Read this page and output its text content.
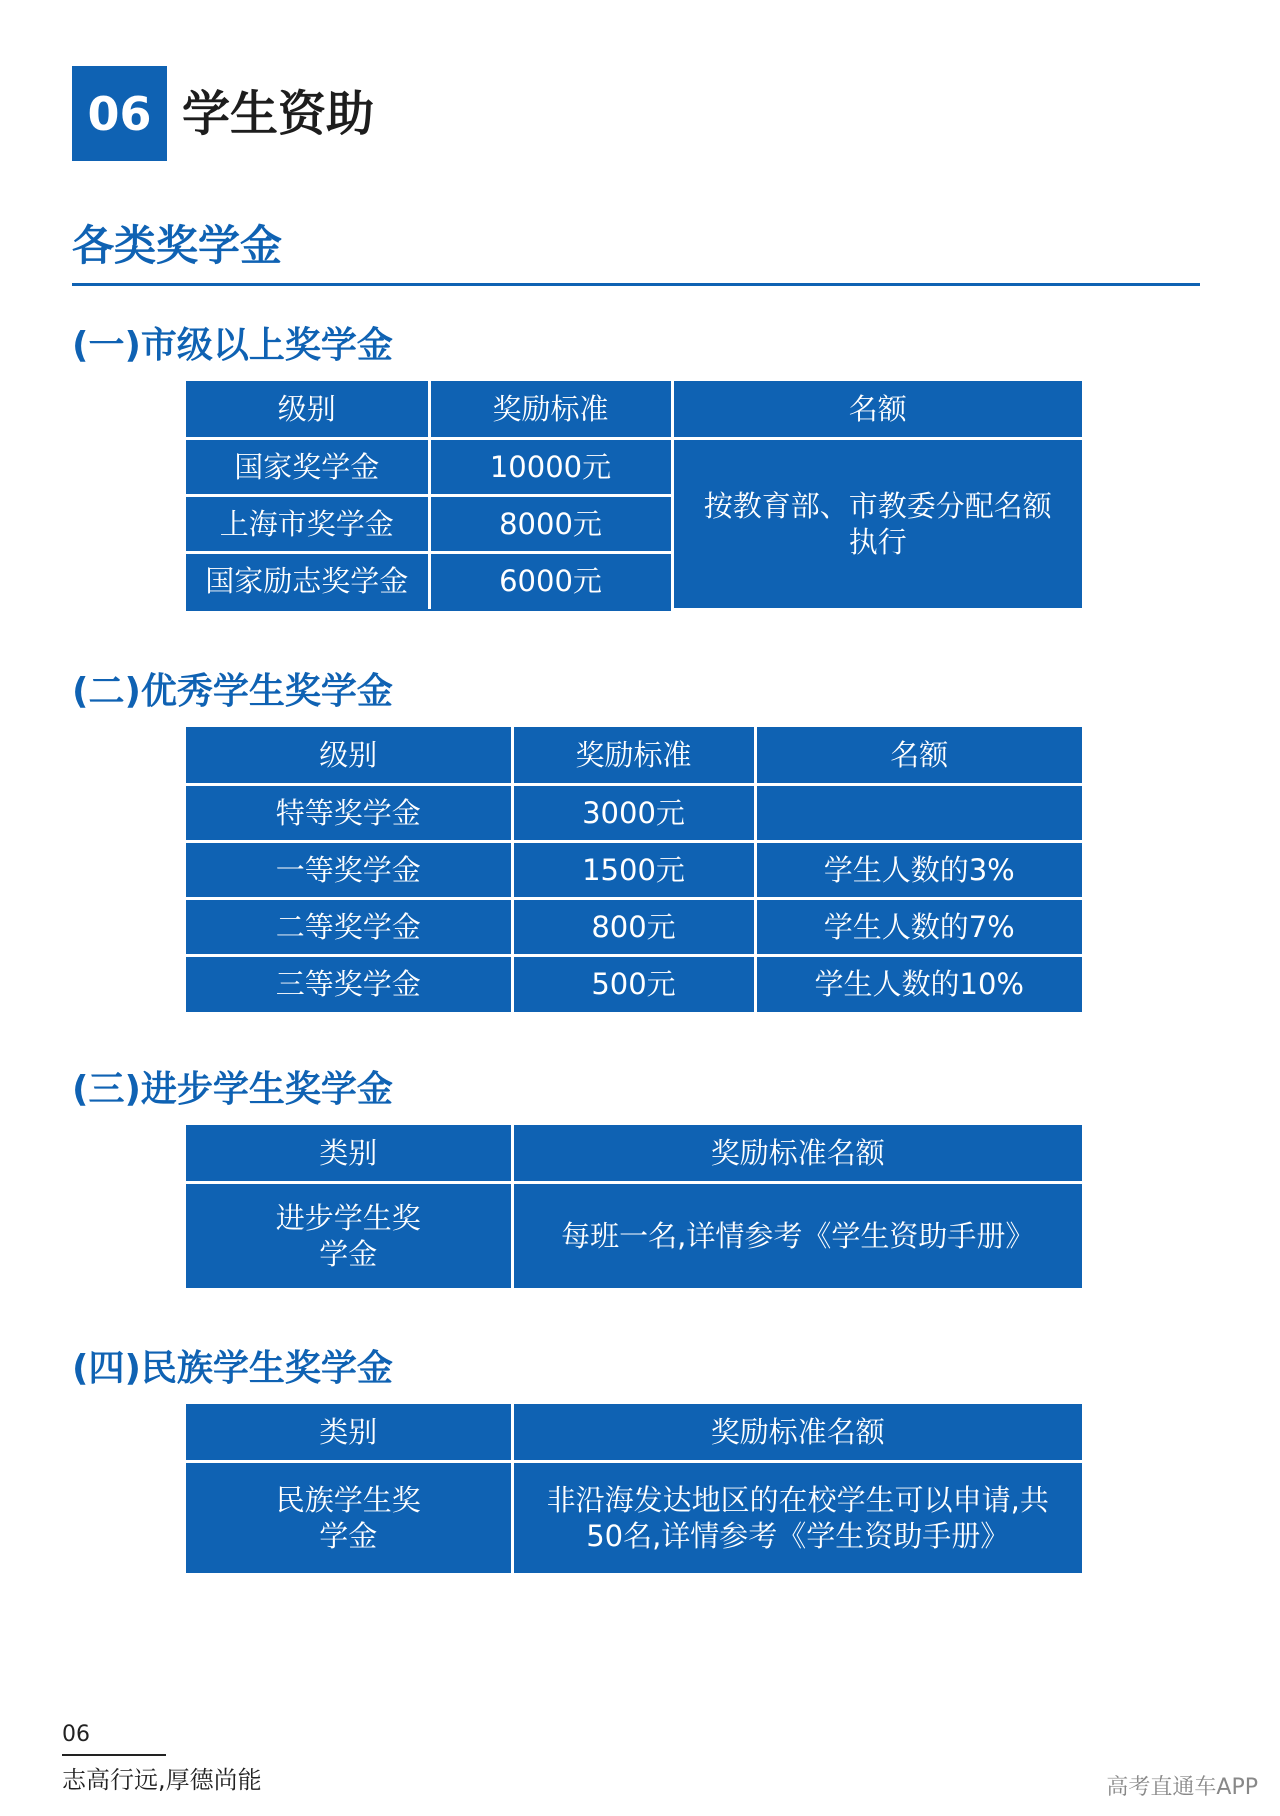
06 学生资助
各类奖学金
(一)市级以上奖学金
级别	奖励标准	名额
国家奖学金	10000元	按教育部、市教委分配名额执行
上海市奖学金	8000元	
国家励志奖学金	6000元	
(二)优秀学生奖学金
级别	奖励标准	名额
特等奖学金	3000元	
一等奖学金	1500元	学生人数的3%
二等奖学金	800元	学生人数的7%
三等奖学金	500元	学生人数的10%
(三)进步学生奖学金
类别	奖励标准名额
进步学生奖学金	每班一名,详情参考《学生资助手册》
(四)民族学生奖学金
类别	奖励标准名额
民族学生奖学金	非沿海发达地区的在校学生可以申请,共50名,详情参考《学生资助手册》
06
志高行远,厚德尚能	高考直通车APP
